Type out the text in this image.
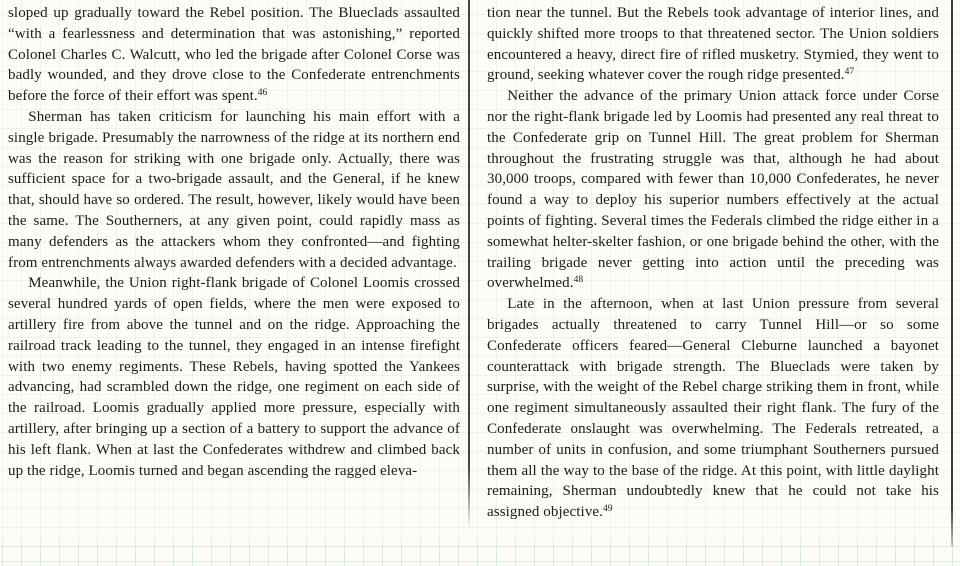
sloped up gradually toward the Rebel position. The Blueclads assaulted “with a fearlessness and determination that was astonishing,” reported Colonel Charles C. Walcutt, who led the brigade after Colonel Corse was badly wounded, and they drove close to the Confederate entrenchments before the force of their effort was spent.$^{46}$

Sherman has taken criticism for launching his main effort with a single brigade. Presumably the narrowness of the ridge at its northern end was the reason for striking with one brigade only. Actually, there was sufficient space for a two-brigade assault, and the General, if he knew that, should have so ordered. The result, however, likely would have been the same. The Southerners, at any given point, could rapidly mass as many defenders as the attackers whom they confronted—and fighting from entrenchments always awarded defenders with a decided advantage.

Meanwhile, the Union right-flank brigade of Colonel Loomis crossed several hundred yards of open fields, where the men were exposed to artillery fire from above the tunnel and on the ridge. Approaching the railroad track leading to the tunnel, they engaged in an intense firefight with two enemy regiments. These Rebels, having spotted the Yankees advancing, had scrambled down the ridge, one regiment on each side of the railroad. Loomis gradually applied more pressure, especially with artillery, after bringing up a section of a battery to support the advance of his left flank. When at last the Confederates withdrew and climbed back up the ridge, Loomis turned and began ascending the ragged eleva-

tion near the tunnel. But the Rebels took advantage of interior lines, and quickly shifted more troops to that threatened sector. The Union soldiers encountered a heavy, direct fire of rifled musketry. Stymied, they went to ground, seeking whatever cover the rough ridge presented.$^{47}$

Neither the advance of the primary Union attack force under Corse nor the right-flank brigade led by Loomis had presented any real threat to the Confederate grip on Tunnel Hill. The great problem for Sherman throughout the frustrating struggle was that, although he had about 30,000 troops, compared with fewer than 10,000 Confederates, he never found a way to deploy his superior numbers effectively at the actual points of fighting. Several times the Federals climbed the ridge either in a somewhat helter-skelter fashion, or one brigade behind the other, with the trailing brigade never getting into action until the preceding was overwhelmed.$^{48}$

Late in the afternoon, when at last Union pressure from several brigades actually threatened to carry Tunnel Hill—or so some Confederate officers feared—General Cleburne launched a bayonet counterattack with brigade strength. The Blueclads were taken by surprise, with the weight of the Rebel charge striking them in front, while one regiment simultaneously assaulted their right flank. The fury of the Confederate onslaught was overwhelming. The Federals retreated, a number of units in confusion, and some triumphant Southerners pursued them all the way to the base of the ridge. At this point, with little daylight remaining, Sherman undoubtedly knew that he could not take his assigned objective.$^{49}$
